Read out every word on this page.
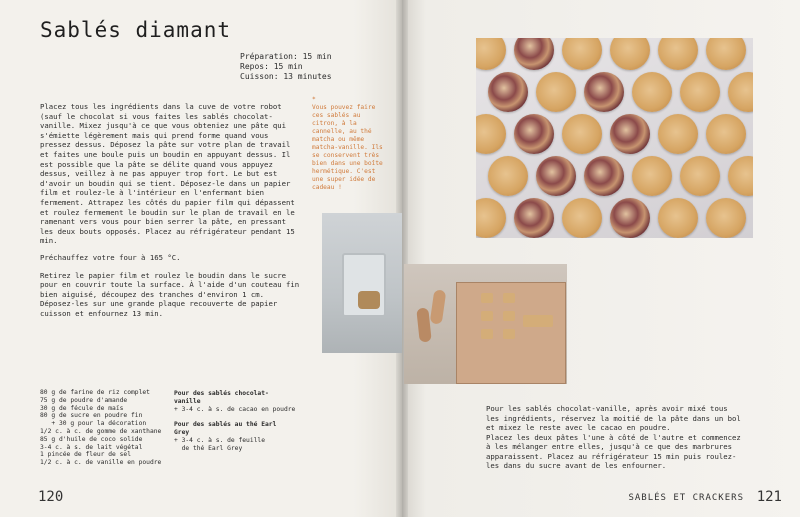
Sablés diamant
Préparation: 15 min
Repos: 15 min
Cuisson: 13 minutes

Placez tous les ingrédients dans la cuve de votre robot (sauf le chocolat si vous faites les sablés chocolat-vanille. Mixez jusqu'à ce que vous obteniez une pâte qui s'émiette légèrement mais qui prend forme quand vous pressez dessus. Déposez la pâte sur votre plan de travail et faites une boule puis un boudin en appuyant dessus. Il est possible que la pâte se délite quand vous appuyez dessus, veillez à ne pas appuyer trop fort. Le but est d'avoir un boudin qui se tient. Déposez-le dans un papier film et roulez-le à l'intérieur en l'enfermant bien fermement. Attrapez les côtés du papier film qui dépassent et roulez fermement le boudin sur le plan de travail en le ramenant vers vous pour bien serrer la pâte, en pressant les deux bouts opposés. Placez au réfrigérateur pendant 15 min.

Préchauffez votre four à 165 °C.

Retirez le papier film et roulez le boudin dans le sucre pour en couvrir toute la surface. À l'aide d'un couteau fin bien aiguisé, découpez des tranches d'environ 1 cm. Déposez-les sur une grande plaque recouverte de papier cuisson et enfournez 13 min.

*
Vous pouvez faire ces sablés au citron, à la cannelle, au thé matcha ou même matcha-vanille. Ils se conservent très bien dans une boîte hermétique. C'est une super idée de cadeau !
80 g de farine de riz complet
75 g de poudre d'amande
30 g de fécule de maïs
80 g de sucre en poudre fin
+ 30 g pour la décoration
1/2 c. à c. de gomme de xanthane
85 g d'huile de coco solide
3-4 c. à s. de lait végétal
1 pincée de fleur de sel
1/2 c. à c. de vanille en poudre
Pour des sablés chocolat-vanille
+ 3-4 c. à s. de cacao en poudre
Pour des sablés au thé Earl Grey
+ 3-4 c. à s. de feuille
de thé Earl Grey
120	SABLÉS ET CRACKERS 121

Pour les sablés chocolat-vanille, après avoir mixé tous les ingrédients, réservez la moitié de la pâte dans un bol et mixez le reste avec le cacao en poudre.

Placez les deux pâtes l'une à côté de l'autre et commencez à les mélanger entre elles, jusqu'à ce que des marbrures apparaissent. Placez au réfrigérateur 15 min puis roulez-les dans du sucre avant de les enfourner.
